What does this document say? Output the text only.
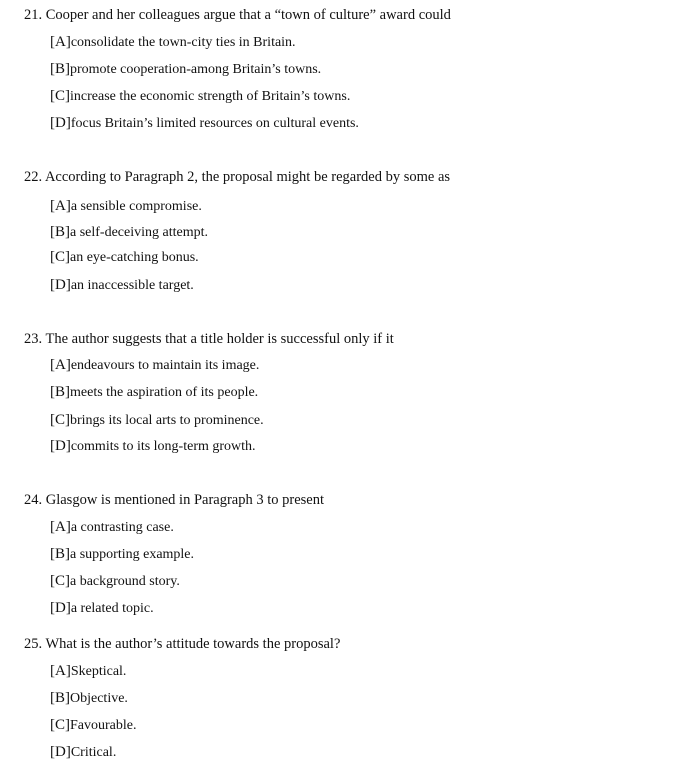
21. Cooper and her colleagues argue that a “town of culture” award could
[A]consolidate the town-city ties in Britain.
[B]promote cooperation-among Britain’s towns.
[C]increase the economic strength of Britain’s towns.
[D]focus Britain’s limited resources on cultural events.
22. According to Paragraph 2, the proposal might be regarded by some as
[A]a sensible compromise.
[B]a self-deceiving attempt.
[C]an eye-catching bonus.
[D]an inaccessible target.
23. The author suggests that a title holder is successful only if it
[A]endeavours to maintain its image.
[B]meets the aspiration of its people.
[C]brings its local arts to prominence.
[D]commits to its long-term growth.
24. Glasgow is mentioned in Paragraph 3 to present
[A]a contrasting case.
[B]a supporting example.
[C]a background story.
[D]a related topic.
25. What is the author’s attitude towards the proposal?
[A]Skeptical.
[B]Objective.
[C]Favourable.
[D]Critical.
